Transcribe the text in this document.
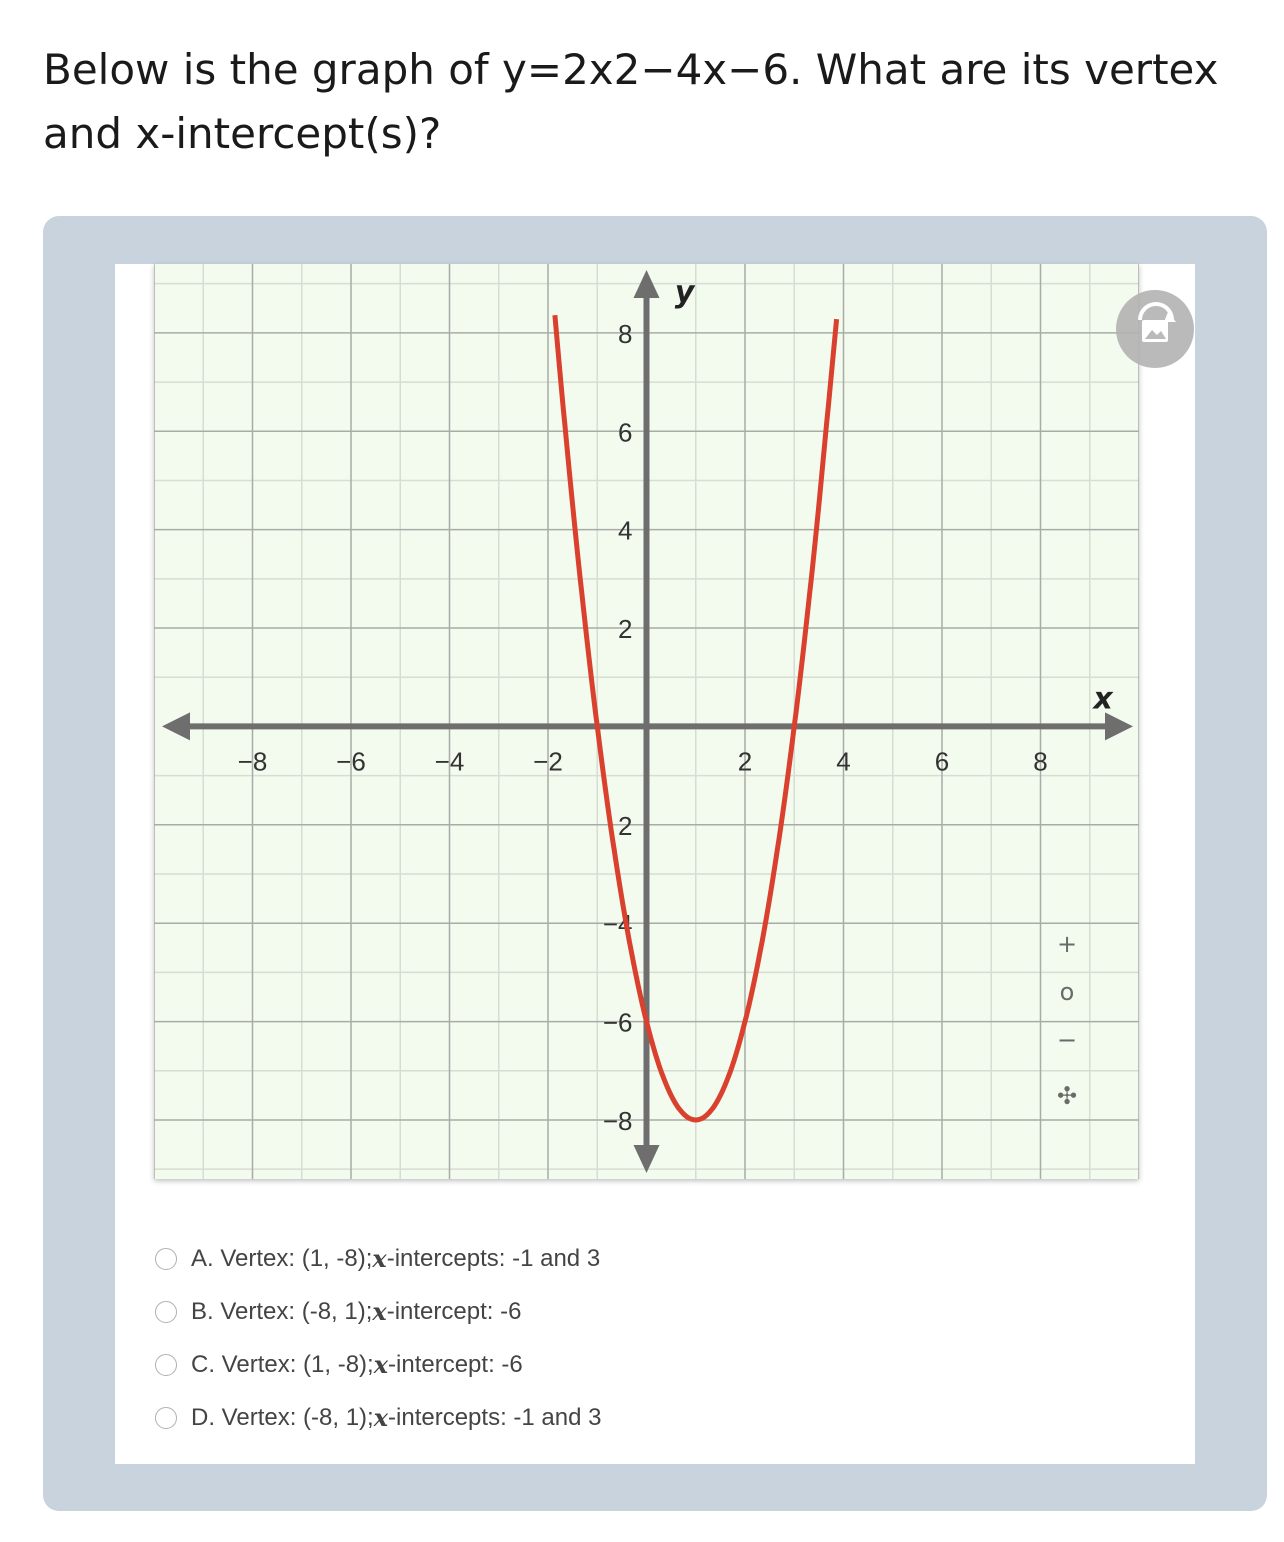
Below is the graph of y=2x2−4x−6. What are its vertex and x-intercept(s)?
−8	−6	−4	−2	2	4	6	8
8
6
4
2
2
−4
−6
−8
x
y
+
o
−
✣
A. Vertex: (1, -8); x -intercepts: -1 and 3
B. Vertex: (-8, 1); x -intercept: -6
C. Vertex: (1, -8); x -intercept: -6
D. Vertex: (-8, 1); x -intercepts: -1 and 3
